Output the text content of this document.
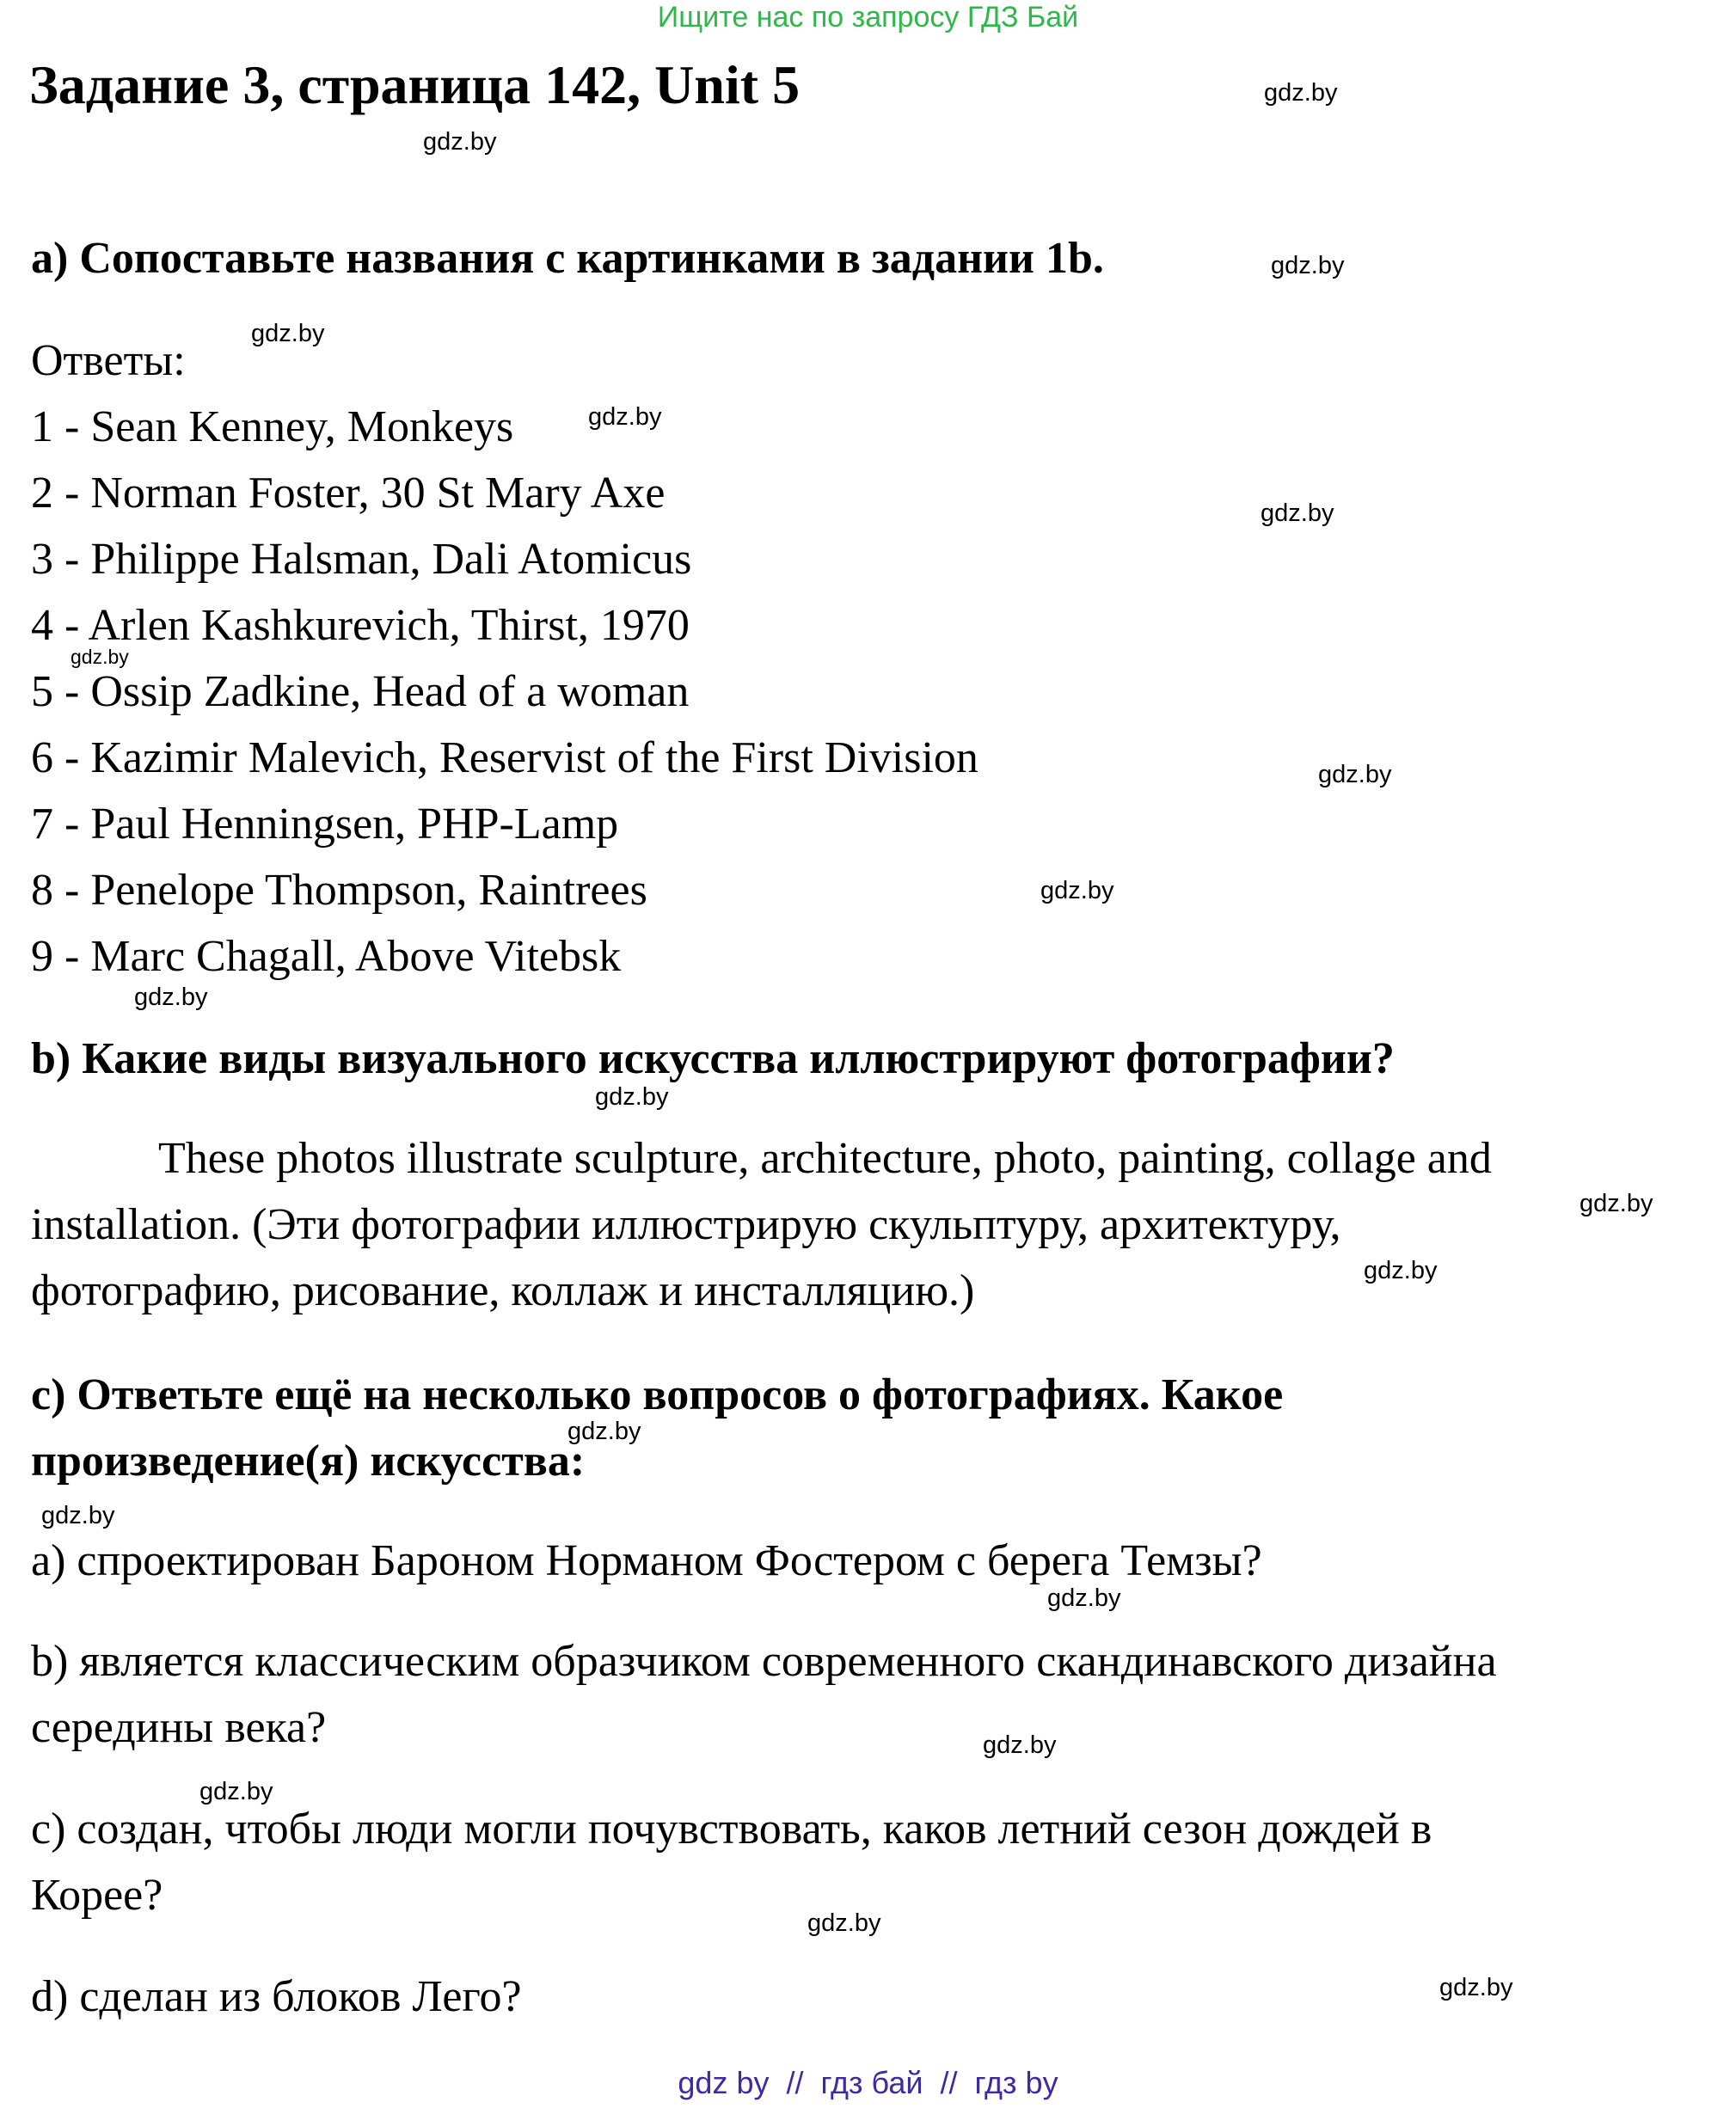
Ищите нас по запросу ГДЗ Бай
Задание 3, страница 142, Unit 5
а) Сопоставьте названия с картинками в задании 1b.
Ответы:
1 - Sean Kenney, Monkeys
2 - Norman Foster, 30 St Mary Axe
3 - Philippe Halsman, Dali Atomicus
4 - Arlen Kashkurevich, Thirst, 1970
5 - Ossip Zadkine, Head of a woman
6 - Kazimir Malevich, Reservist of the First Division
7 - Paul Henningsen, PHP-Lamp
8 - Penelope Thompson, Raintrees
9 - Marc Chagall, Above Vitebsk
b) Какие виды визуального искусства иллюстрируют фотографии?
These photos illustrate sculpture, architecture, photo, painting, collage and
installation. (Эти фотографии иллюстрирую скульптуру, архитектуру,
фотографию, рисование, коллаж и инсталляцию.)
c) Ответьте ещё на несколько вопросов о фотографиях. Какое
произведение(я) искусства:
a) спроектирован Бароном Норманом Фостером с берега Темзы?
b) является классическим образчиком современного скандинавского дизайна
середины века?
c) создан, чтобы люди могли почувствовать, каков летний сезон дождей в
Корее?
d) сделан из блоков Лего?
gdz.by
gdz.by
gdz.by
gdz.by
gdz.by
gdz.by
gdz.by
gdz.by
gdz.by
gdz.by
gdz.by
gdz.by
gdz.by
gdz.by
gdz.by
gdz.by
gdz.by
gdz.by
gdz.by
gdz.by
gdz by // гдз бай // гдз by
